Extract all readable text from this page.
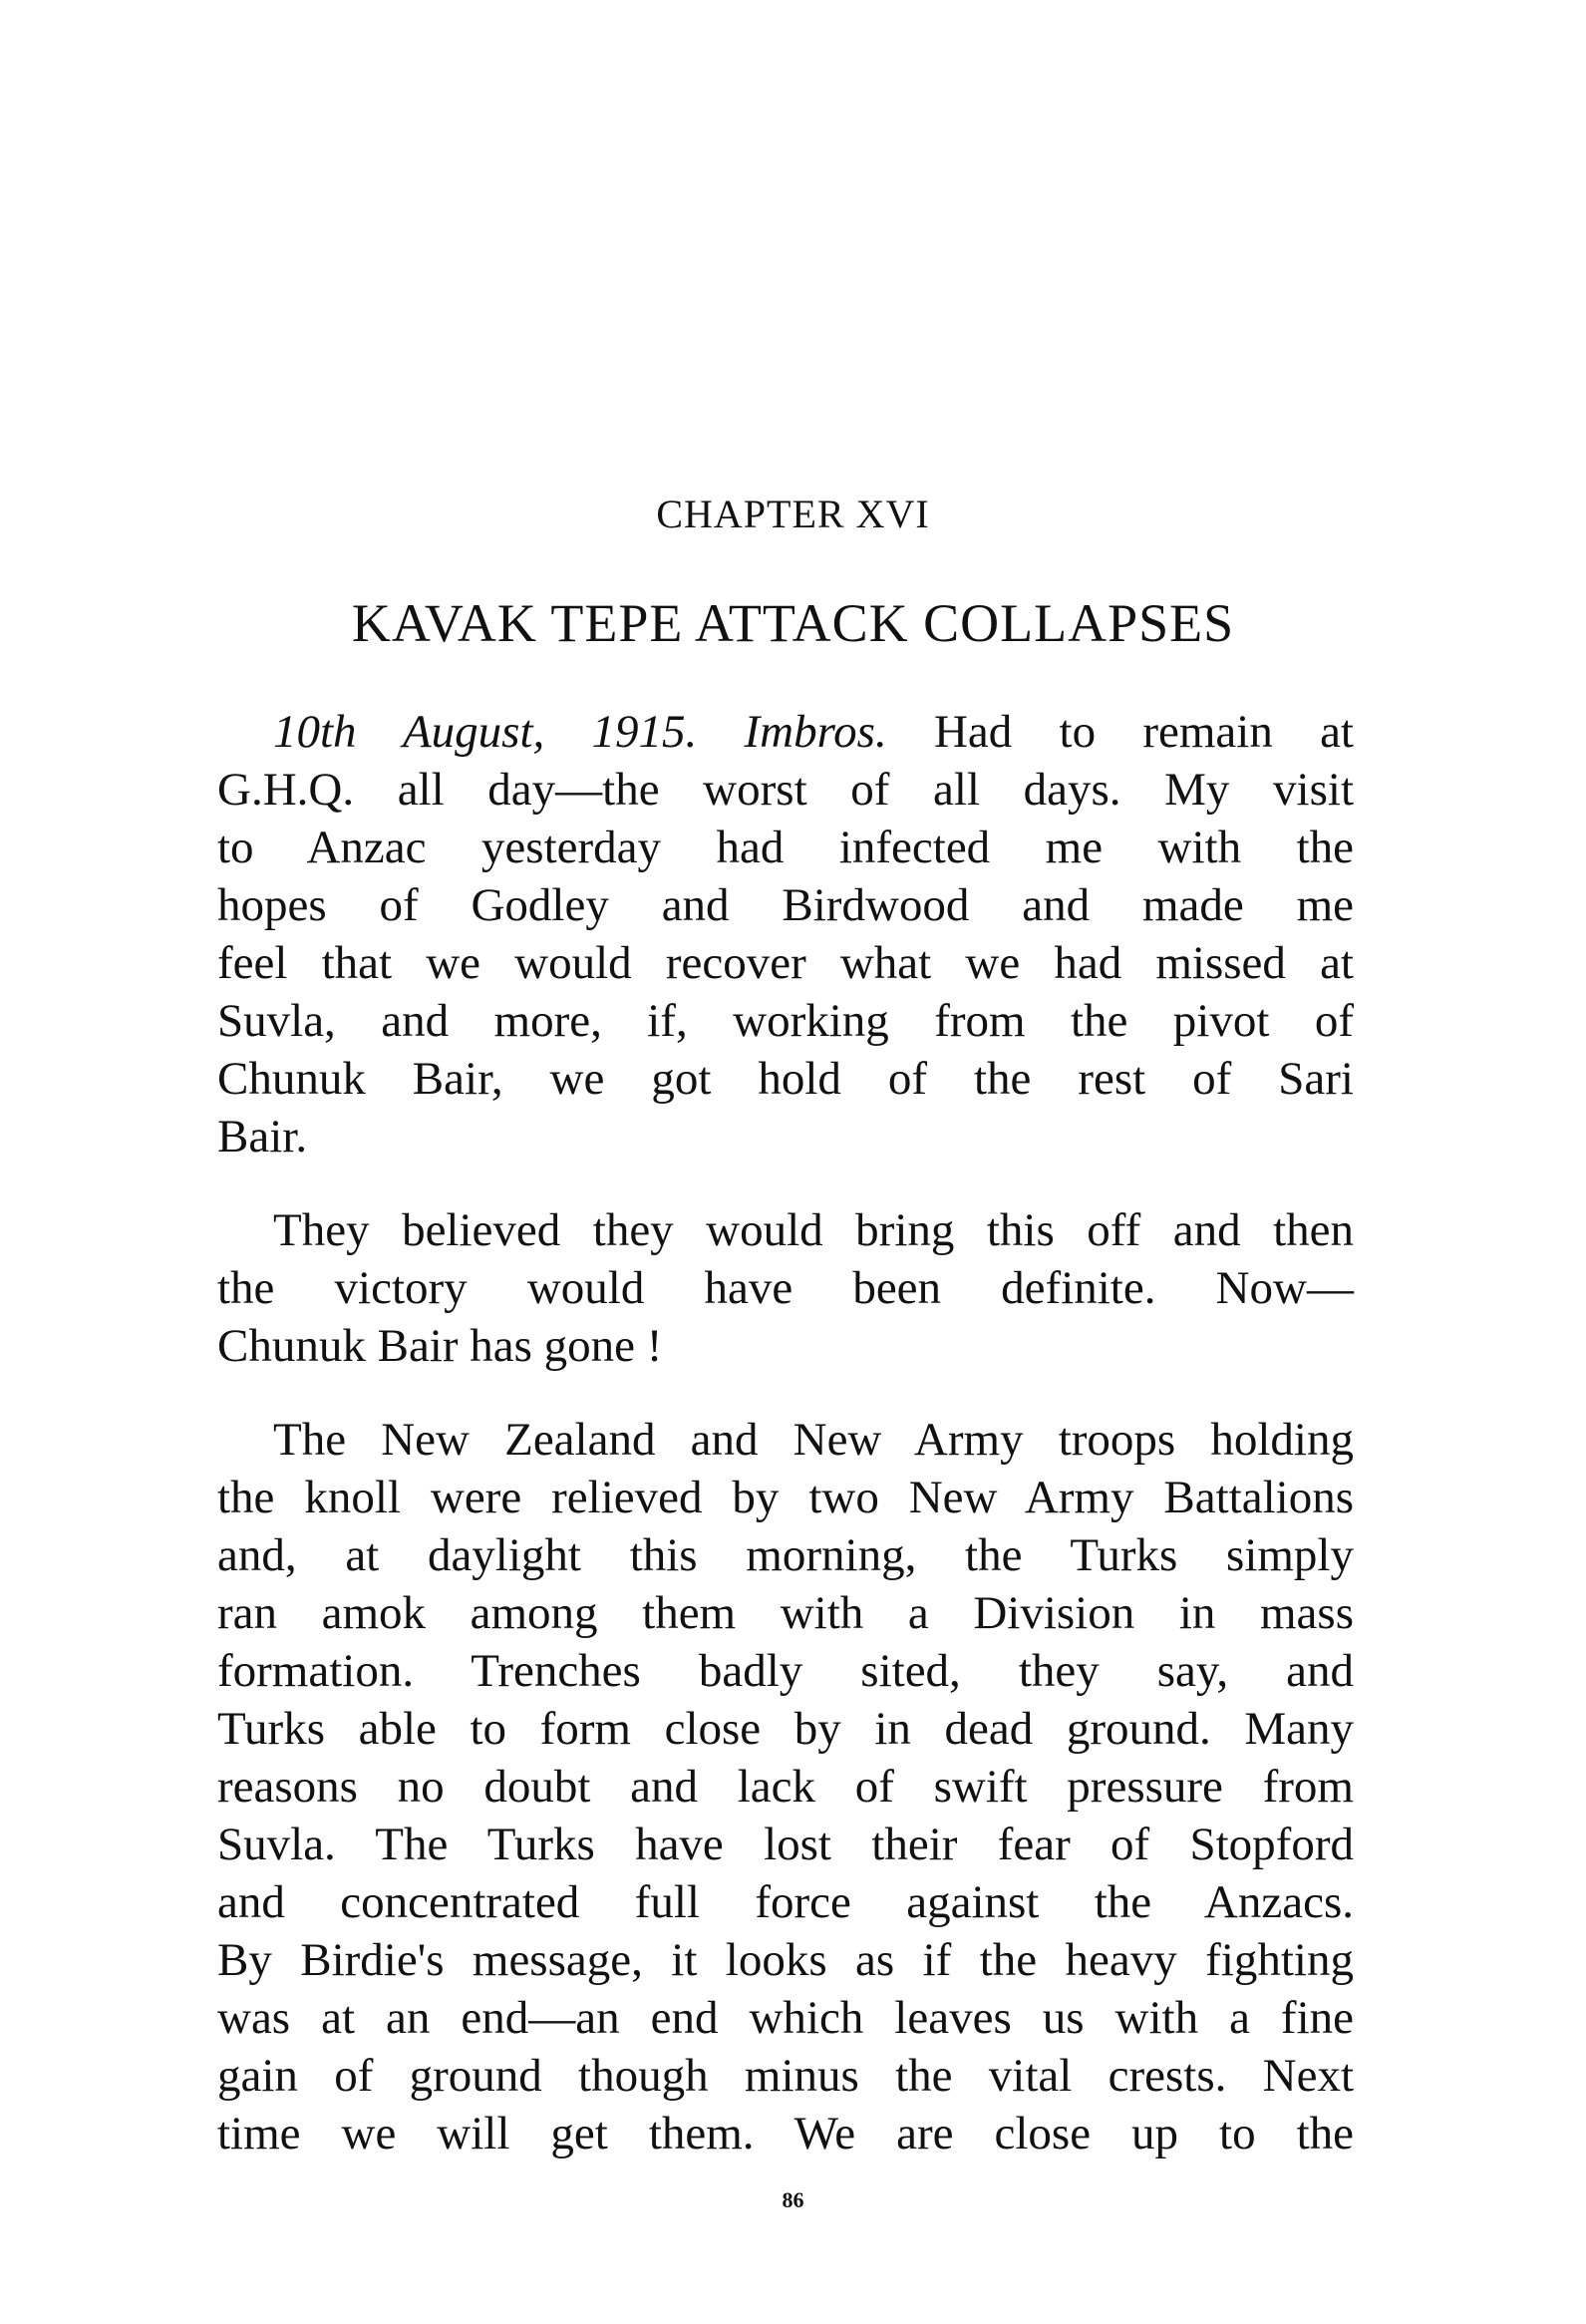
CHAPTER XVI
KAVAK TEPE ATTACK COLLAPSES
10th August, 1915. Imbros. Had to remain at
G.H.Q. all day—the worst of all days. My visit
to Anzac yesterday had infected me with the
hopes of Godley and Birdwood and made me
feel that we would recover what we had missed at
Suvla, and more, if, working from the pivot of
Chunuk Bair, we got hold of the rest of Sari
Bair.
They believed they would bring this off and then
the victory would have been definite. Now—
Chunuk Bair has gone !
The New Zealand and New Army troops holding
the knoll were relieved by two New Army Battalions
and, at daylight this morning, the Turks simply
ran amok among them with a Division in mass
formation. Trenches badly sited, they say, and
Turks able to form close by in dead ground. Many
reasons no doubt and lack of swift pressure from
Suvla. The Turks have lost their fear of Stopford
and concentrated full force against the Anzacs.
By Birdie's message, it looks as if the heavy fighting
was at an end—an end which leaves us with a fine
gain of ground though minus the vital crests. Next
time we will get them. We are close up to the
86
